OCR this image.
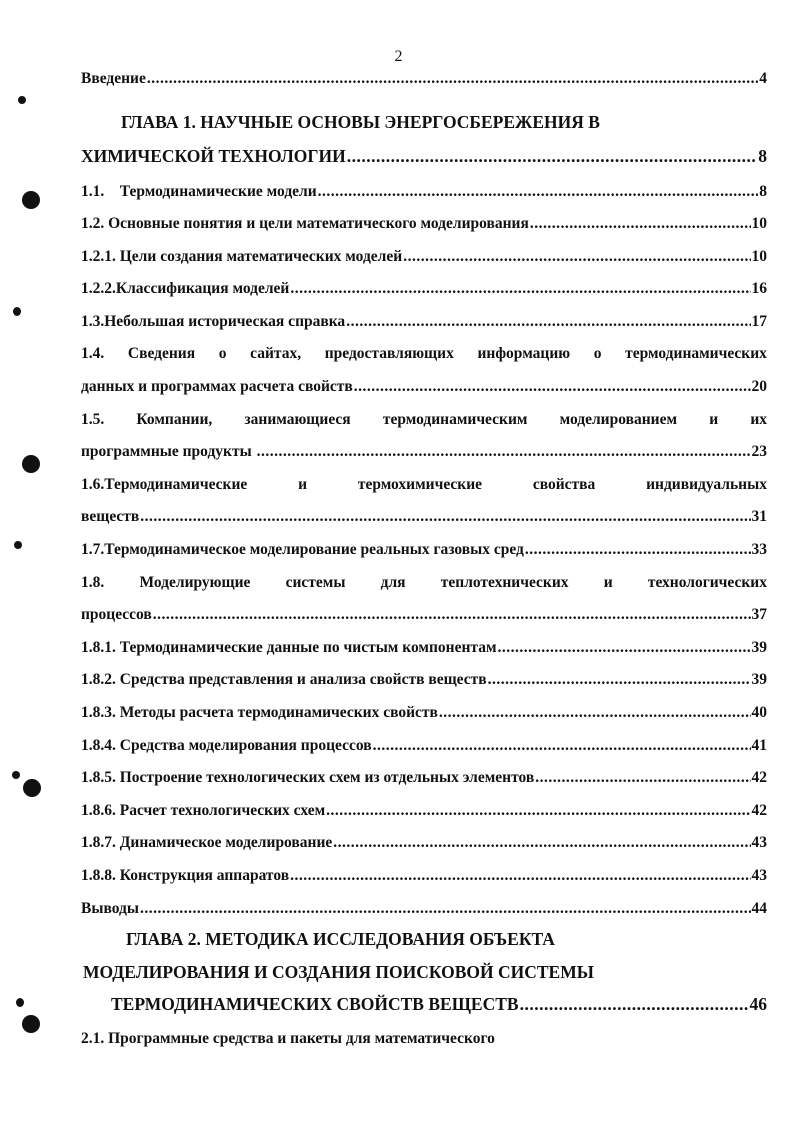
2
Введение .....	4
ГЛАВА 1. НАУЧНЫЕ ОСНОВЫ ЭНЕРГОСБЕРЕЖЕНИЯ В
ХИМИЧЕСКОЙ ТЕХНОЛОГИИ .....	8
1.1.    Термодинамические модели .....	8
1.2. Основные понятия и цели математического моделирования .....	10
1.2.1. Цели создания математических моделей .....	10
1.2.2.Классификация моделей .....	16
1.3.Небольшая историческая справка .....	17
1.4. Сведения о сайтах, предоставляющих информацию о термодинамических
данных и программах расчета свойств .....	20
1.5. Компании, занимающиеся термодинамическим моделированием и их
программные продукты .....	23
1.6.Термодинамические	и	термохимические	свойства	индивидуальных
веществ .....	31
1.7.Термодинамическое моделирование реальных газовых сред .....	33
1.8. Моделирующие системы для теплотехнических и технологических
процессов .....	37
1.8.1. Термодинамические данные по чистым компонентам .....	39
1.8.2. Средства представления и анализа свойств веществ .....	39
1.8.3. Методы расчета термодинамических свойств .....	40
1.8.4. Средства моделирования процессов .....	41
1.8.5. Построение технологических схем из отдельных элементов .....	42
1.8.6. Расчет технологических схем .....	42
1.8.7. Динамическое моделирование .....	43
1.8.8. Конструкция аппаратов .....	43
Выводы .....	44
ГЛАВА 2. МЕТОДИКА ИССЛЕДОВАНИЯ ОБЪЕКТА
МОДЕЛИРОВАНИЯ И СОЗДАНИЯ ПОИСКОВОЙ СИСТЕМЫ
ТЕРМОДИНАМИЧЕСКИХ СВОЙСТВ ВЕЩЕСТВ .....	46
2.1. Программные средства и пакеты для математического
